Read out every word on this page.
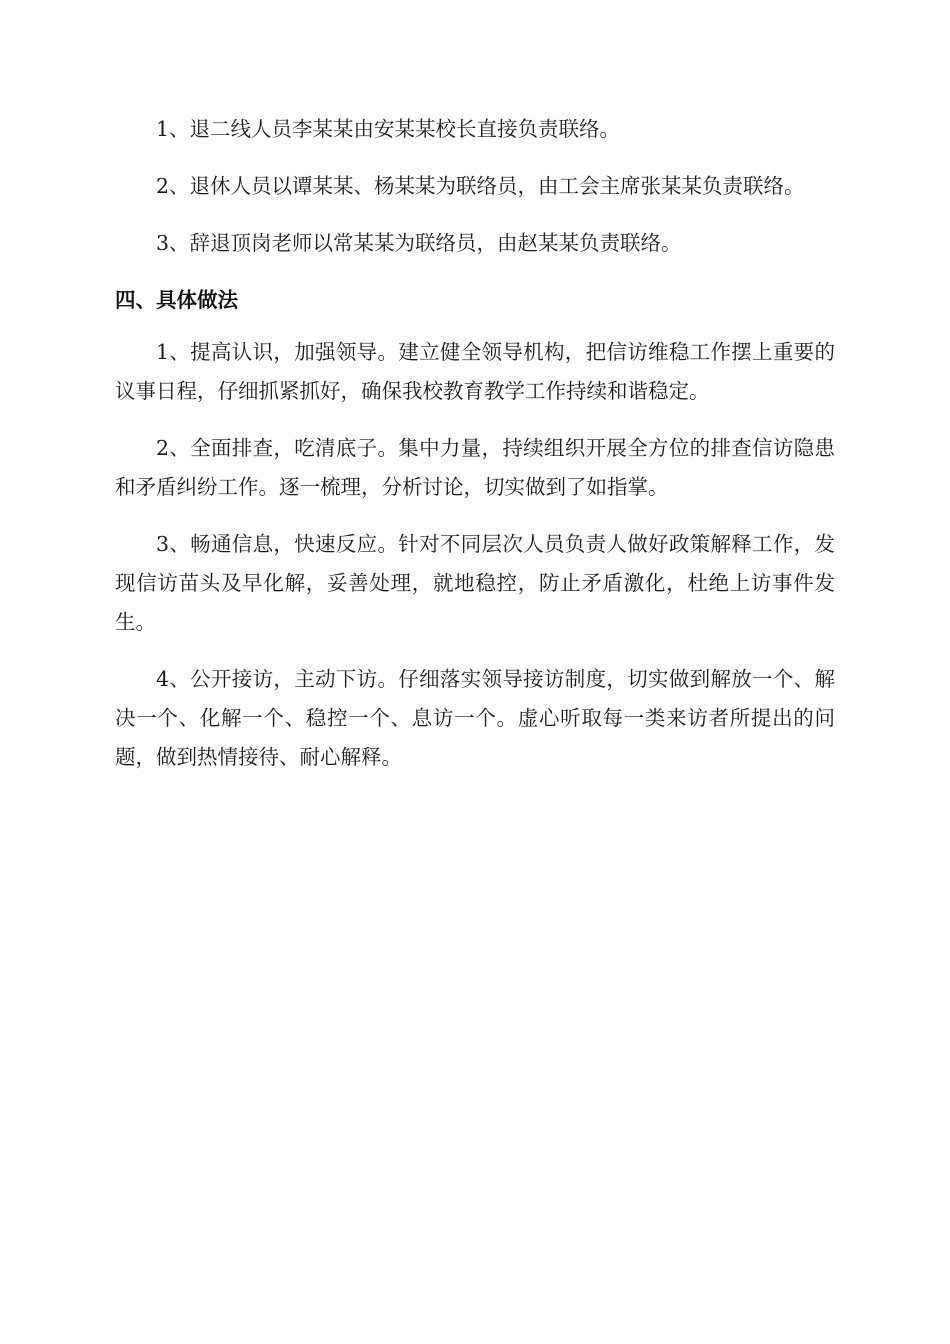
1、退二线人员李某某由安某某校长直接负责联络。

2、退休人员以谭某某、杨某某为联络员，由工会主席张某某负责联络。

3、辞退顶岗老师以常某某为联络员，由赵某某负责联络。

四、具体做法

1、提高认识，加强领导。建立健全领导机构，把信访维稳工作摆上重要的议事日程，仔细抓紧抓好，确保我校教育教学工作持续和谐稳定。

2、全面排查，吃清底子。集中力量，持续组织开展全方位的排查信访隐患和矛盾纠纷工作。逐一梳理，分析讨论，切实做到了如指掌。

3、畅通信息，快速反应。针对不同层次人员负责人做好政策解释工作，发现信访苗头及早化解，妥善处理，就地稳控，防止矛盾激化，杜绝上访事件发生。

4、公开接访，主动下访。仔细落实领导接访制度，切实做到解放一个、解决一个、化解一个、稳控一个、息访一个。虚心听取每一类来访者所提出的问题，做到热情接待、耐心解释。
